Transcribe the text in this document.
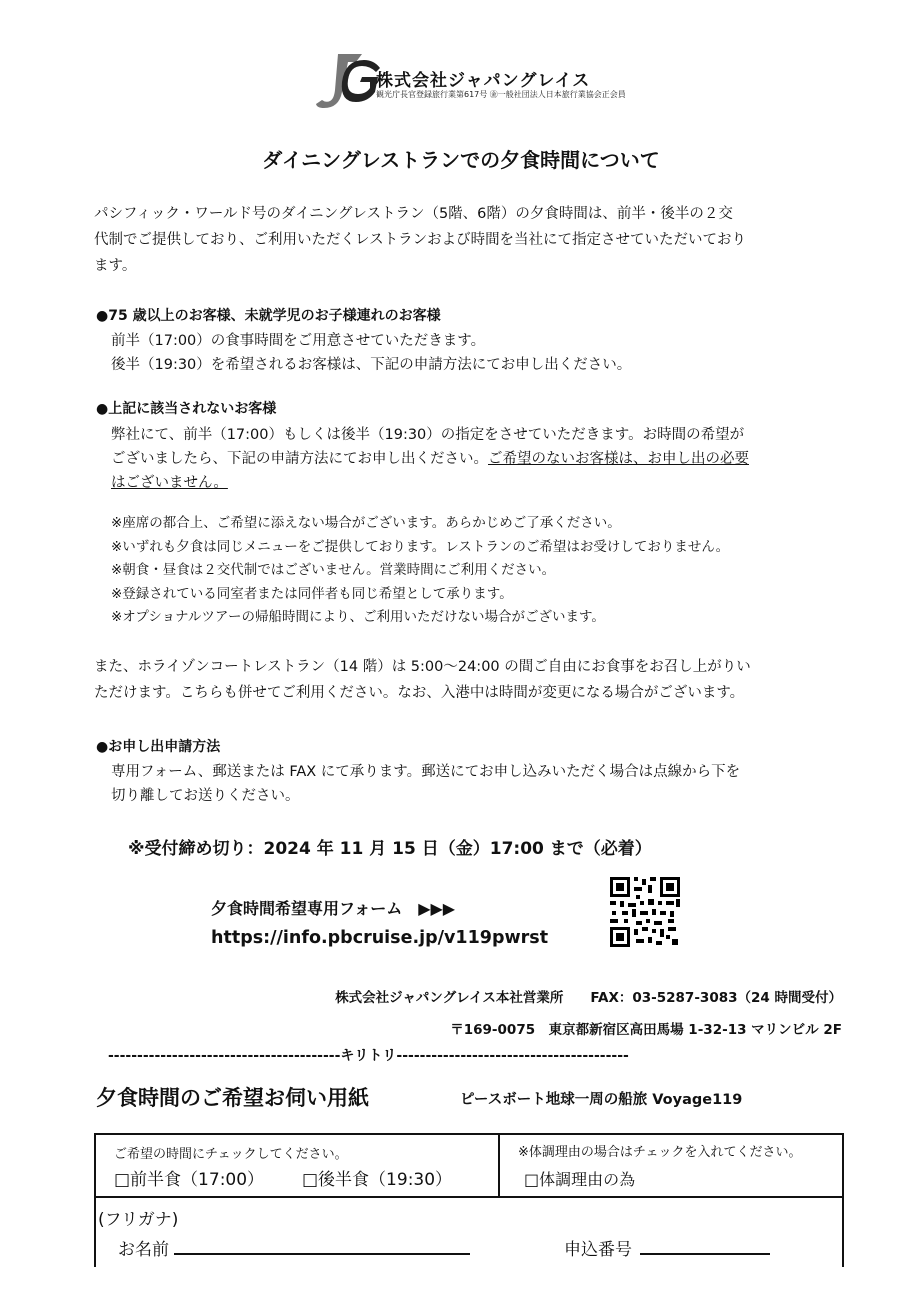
株式会社ジャパングレイス
観光庁長官登録旅行業第617号 ㊎一般社団法人日本旅行業協会正会員
ダイニングレストランでの夕食時間について
パシフィック・ワールド号のダイニングレストラン（5階、6階）の夕食時間は、前半・後半の２交
代制でご提供しており、ご利用いただくレストランおよび時間を当社にて指定させていただいており
ます。
●75 歳以上のお客様、未就学児のお子様連れのお客様
前半（17:00）の食事時間をご用意させていただきます。
後半（19:30）を希望されるお客様は、下記の申請方法にてお申し出ください。
●上記に該当されないお客様
弊社にて、前半（17:00）もしくは後半（19:30）の指定をさせていただきます。お時間の希望が
ございましたら、下記の申請方法にてお申し出ください。ご希望のないお客様は、お申し出の必要
はございません。
※座席の都合上、ご希望に添えない場合がございます。あらかじめご了承ください。
※いずれも夕食は同じメニューをご提供しております。レストランのご希望はお受けしておりません。
※朝食・昼食は２交代制ではございません。営業時間にご利用ください。
※登録されている同室者または同伴者も同じ希望として承ります。
※オプショナルツアーの帰船時間により、ご利用いただけない場合がございます。
また、ホライゾンコートレストラン（14 階）は 5:00〜24:00 の間ご自由にお食事をお召し上がりい
ただけます。こちらも併せてご利用ください。なお、入港中は時間が変更になる場合がございます。
●お申し出申請方法
専用フォーム、郵送または FAX にて承ります。郵送にてお申し込みいただく場合は点線から下を
切り離してお送りください。
※受付締め切り：2024 年 11 月 15 日（金）17:00 まで（必着）
夕食時間希望専用フォーム　▶▶▶
https://info.pbcruise.jp/v119pwrst
株式会社ジャパングレイス本社営業所　　FAX：03-5287-3083（24 時間受付）
〒169-0075　東京都新宿区高田馬場 1-32-13 マリンビル 2F
----------------------------------------キリトリ----------------------------------------
夕食時間のご希望お伺い用紙	ピースボート地球一周の船旅 Voyage119
ご希望の時間にチェックしてください。
□前半食（17:00） □後半食（19:30）
※体調理由の場合はチェックを入れてください。
□体調理由の為
(フリガナ)
お名前	申込番号
